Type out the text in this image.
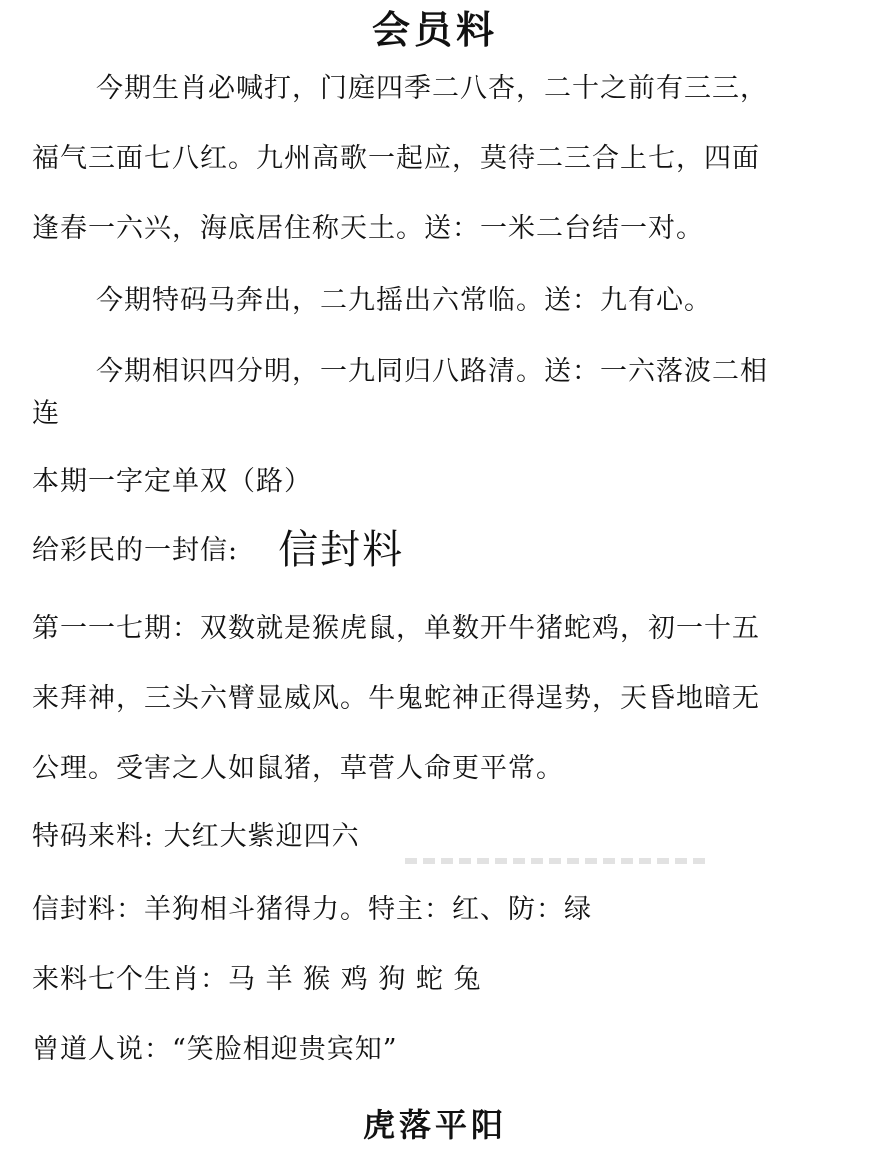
会员料
今期生肖必喊打，门庭四季二八杏，二十之前有三三，
福气三面七八红。九州高歌一起应，莫待二三合上七，四面
逢春一六兴，海底居住称天土。送：一米二台结一对。
今期特码马奔出，二九摇出六常临。送：九有心。
今期相识四分明，一九同归八路清。送：一六落波二相
连
本期一字定单双（路）
给彩民的一封信: 信封料
第一一七期：双数就是猴虎鼠，单数开牛猪蛇鸡，初一十五
来拜神，三头六臂显威风。牛鬼蛇神正得逞势，天昏地暗无
公理。受害之人如鼠猪，草菅人命更平常。
特码来料: 大红大紫迎四六
信封料：羊狗相斗猪得力。特主：红、防：绿
来料七个生肖：马 羊 猴 鸡 狗 蛇 兔
曾道人说：“笑脸相迎贵宾知”
虎落平阳
